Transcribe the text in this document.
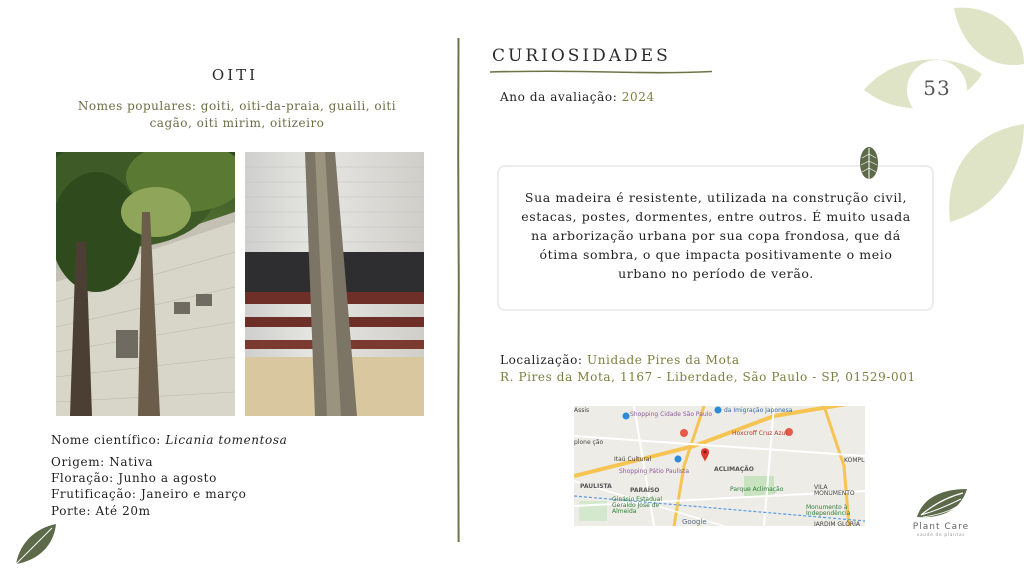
OITI
Nomes populares: goiti, oiti-da-praia, guaili, oiti cagão, oiti mirim, oitizeiro
Nome científico: Licania tomentosa
Origem: Nativa
Floração: Junho a agosto
Frutificação: Janeiro e março
Porte: Até 20m
CURIOSIDADES
Ano da avaliação: 2024
Sua madeira é resistente, utilizada na construção civil, estacas, postes, dormentes, entre outros. É muito usada na arborização urbana por sua copa frondosa, que dá ótima sombra, o que impacta positivamente o meio urbano no período de verão.
Localização: Unidade Pires da Mota
R. Pires da Mota, 1167 - Liberdade, São Paulo - SP, 01529-001
Assis
Shopping Cidade São Paulo
da Imigração Japonesa
Hoxcroff Cruz Azul
plone ção
Itaú Cultural
Shopping Pátio Paulista	ACLIMAÇÃO
KOMPL
PAULISTA
PARAÍSO	Parque Aclimação	VILA MONUMENTO
Ginásio Estadual Geraldo José de Almeida
Monumento à Independência
JARDIM GLÓRIA
Google
53
Plant Care
saúde de plantas
